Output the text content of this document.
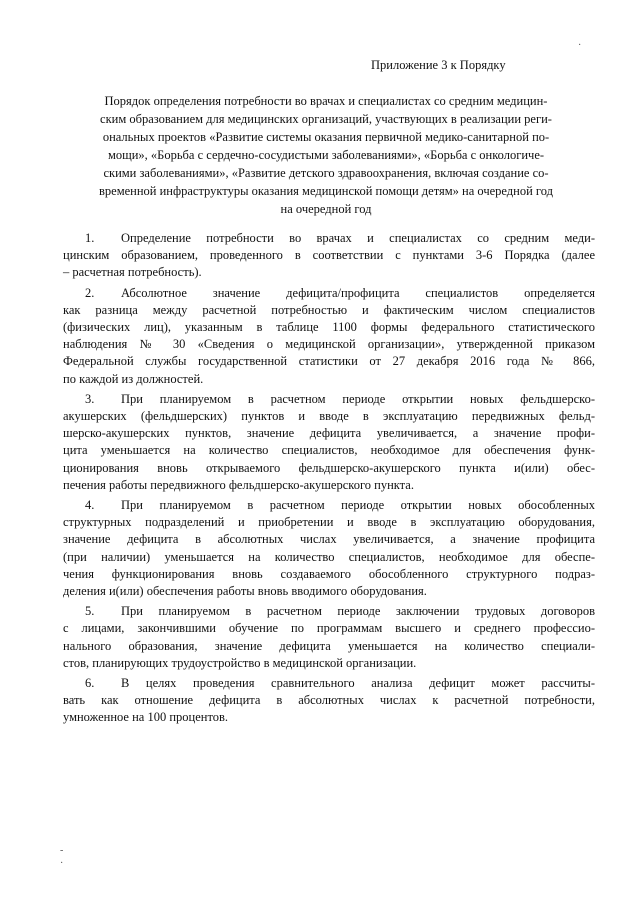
Приложение 3 к Порядку
Порядок определения потребности во врачах и специалистах со средним медицин-
ским образованием для медицинских организаций, участвующих в реализации реги-
ональных проектов «Развитие системы оказания первичной медико-санитарной по-
мощи», «Борьба с сердечно-сосудистыми заболеваниями», «Борьба с онкологиче-
скими заболеваниями», «Развитие детского здравоохранения, включая создание со-
временной инфраструктуры оказания медицинской помощи детям» на очередной год
на очередной год

1. Определение потребности во врачах и специалистах со средним меди-
цинским образованием, проведенного в соответствии с пунктами 3-6 Порядка (далее
– расчетная потребность).

2. Абсолютное значение дефицита/профицита специалистов определяется
как разница между расчетной потребностью и фактическим числом специалистов
(физических лиц), указанным в таблице 1100 формы федерального статистического
наблюдения № 30 «Сведения о медицинской организации», утвержденной приказом
Федеральной службы государственной статистики от 27 декабря 2016 года № 866,
по каждой из должностей.

3. При планируемом в расчетном периоде открытии новых фельдшерско-
акушерских (фельдшерских) пунктов и вводе в эксплуатацию передвижных фельд-
шерско-акушерских пунктов, значение дефицита увеличивается, а значение профи-
цита уменьшается на количество специалистов, необходимое для обеспечения функ-
ционирования вновь открываемого фельдшерско-акушерского пункта и(или) обес-
печения работы передвижного фельдшерско-акушерского пункта.

4. При планируемом в расчетном периоде открытии новых обособленных
структурных подразделений и приобретении и вводе в эксплуатацию оборудования,
значение дефицита в абсолютных числах увеличивается, а значение профицита
(при наличии) уменьшается на количество специалистов, необходимое для обеспе-
чения функционирования вновь создаваемого обособленного структурного подраз-
деления и(или) обеспечения работы вновь вводимого оборудования.

5. При планируемом в расчетном периоде заключении трудовых договоров
с лицами, закончившими обучение по программам высшего и среднего профессио-
нального образования, значение дефицита уменьшается на количество специали-
стов, планирующих трудоустройство в медицинской организации.

6. В целях проведения сравнительного анализа дефицит может рассчиты-
вать как отношение дефицита в абсолютных числах к расчетной потребности,
умноженное на 100 процентов.

·
-
·
